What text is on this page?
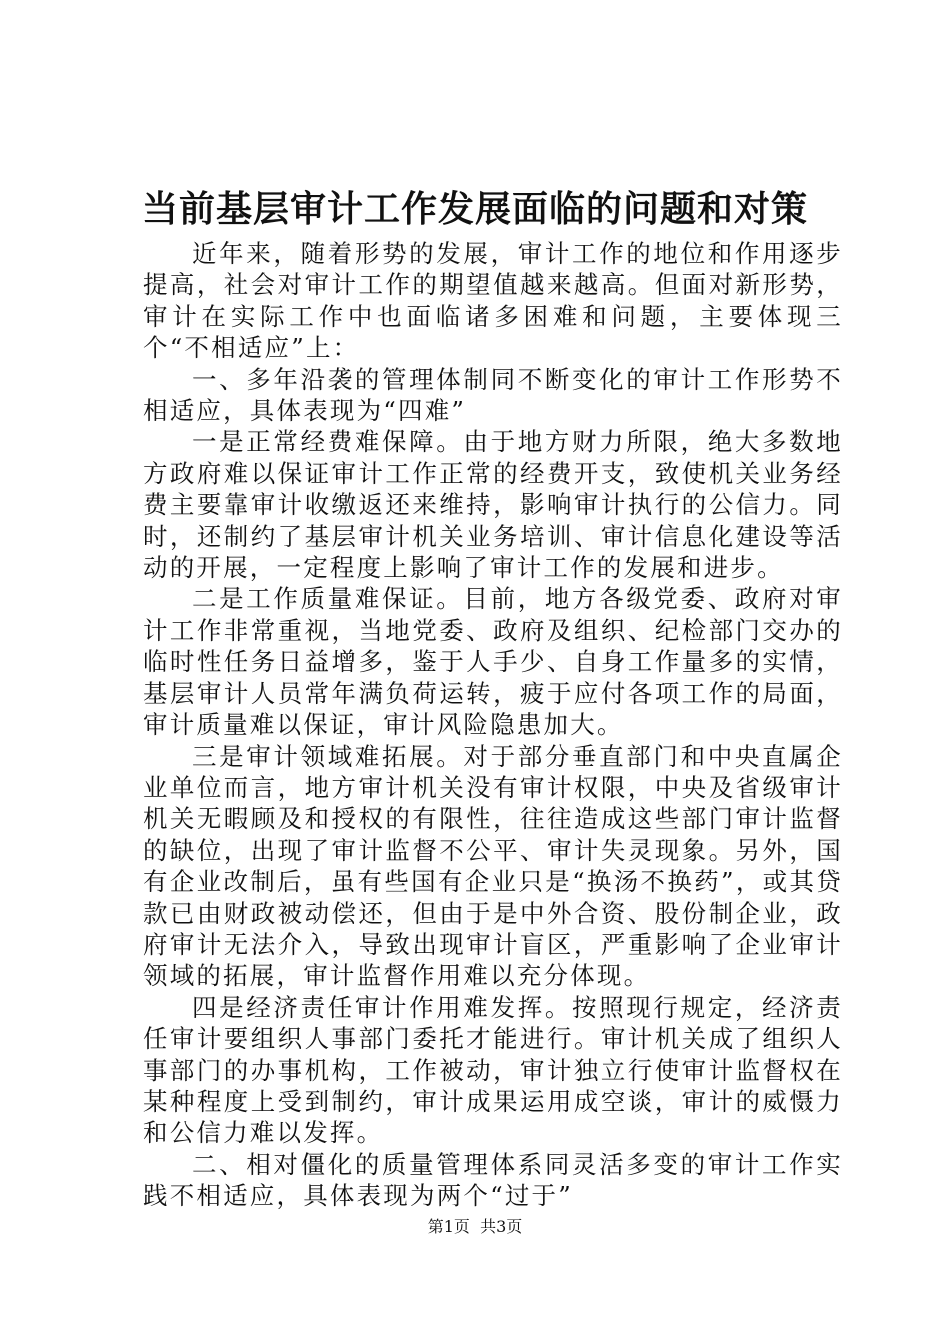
当前基层审计工作发展面临的问题和对策

近年来，随着形势的发展，审计工作的地位和作用逐步提高，社会对审计工作的期望值越来越高。但面对新形势，审计在实际工作中也面临诸多困难和问题，主要体现三个“不相适应”上：

一、多年沿袭的管理体制同不断变化的审计工作形势不相适应，具体表现为“四难”

一是正常经费难保障。由于地方财力所限，绝大多数地方政府难以保证审计工作正常的经费开支，致使机关业务经费主要靠审计收缴返还来维持，影响审计执行的公信力。同时，还制约了基层审计机关业务培训、审计信息化建设等活动的开展，一定程度上影响了审计工作的发展和进步。

二是工作质量难保证。目前，地方各级党委、政府对审计工作非常重视，当地党委、政府及组织、纪检部门交办的临时性任务日益增多，鉴于人手少、自身工作量多的实情，基层审计人员常年满负荷运转，疲于应付各项工作的局面，审计质量难以保证，审计风险隐患加大。

三是审计领域难拓展。对于部分垂直部门和中央直属企业单位而言，地方审计机关没有审计权限，中央及省级审计机关无暇顾及和授权的有限性，往往造成这些部门审计监督的缺位，出现了审计监督不公平、审计失灵现象。另外，国有企业改制后，虽有些国有企业只是“换汤不换药”，或其贷款已由财政被动偿还，但由于是中外合资、股份制企业，政府审计无法介入，导致出现审计盲区，严重影响了企业审计领域的拓展，审计监督作用难以充分体现。

四是经济责任审计作用难发挥。按照现行规定，经济责任审计要组织人事部门委托才能进行。审计机关成了组织人事部门的办事机构，工作被动，审计独立行使审计监督权在某种程度上受到制约，审计成果运用成空谈，审计的威慑力和公信力难以发挥。

二、相对僵化的质量管理体系同灵活多变的审计工作实践不相适应，具体表现为两个“过于”

第1页 共3页
